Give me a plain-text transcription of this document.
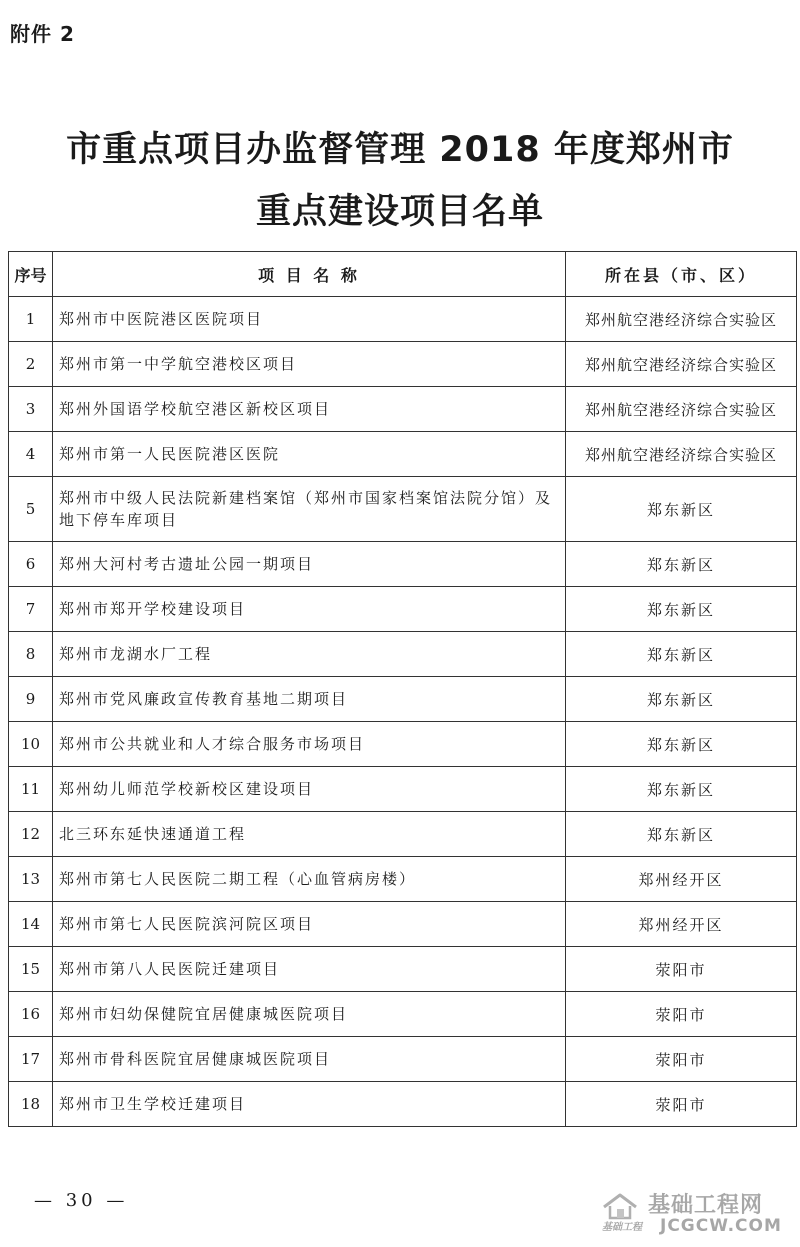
附件 2
市重点项目办监督管理 2018 年度郑州市
重点建设项目名单
序号	项 目 名 称	所在县（市、区）
1	郑州市中医院港区医院项目	郑州航空港经济综合实验区
2	郑州市第一中学航空港校区项目	郑州航空港经济综合实验区
3	郑州外国语学校航空港区新校区项目	郑州航空港经济综合实验区
4	郑州市第一人民医院港区医院	郑州航空港经济综合实验区
5	郑州市中级人民法院新建档案馆（郑州市国家档案馆法院分馆）及地下停车库项目	郑东新区
6	郑州大河村考古遗址公园一期项目	郑东新区
7	郑州市郑开学校建设项目	郑东新区
8	郑州市龙湖水厂工程	郑东新区
9	郑州市党风廉政宣传教育基地二期项目	郑东新区
10	郑州市公共就业和人才综合服务市场项目	郑东新区
11	郑州幼儿师范学校新校区建设项目	郑东新区
12	北三环东延快速通道工程	郑东新区
13	郑州市第七人民医院二期工程（心血管病房楼）	郑州经开区
14	郑州市第七人民医院滨河院区项目	郑州经开区
15	郑州市第八人民医院迁建项目	荥阳市
16	郑州市妇幼保健院宜居健康城医院项目	荥阳市
17	郑州市骨科医院宜居健康城医院项目	荥阳市
18	郑州市卫生学校迁建项目	荥阳市
— 30 —	基础工程网
基础工程 JCGCW.COM
